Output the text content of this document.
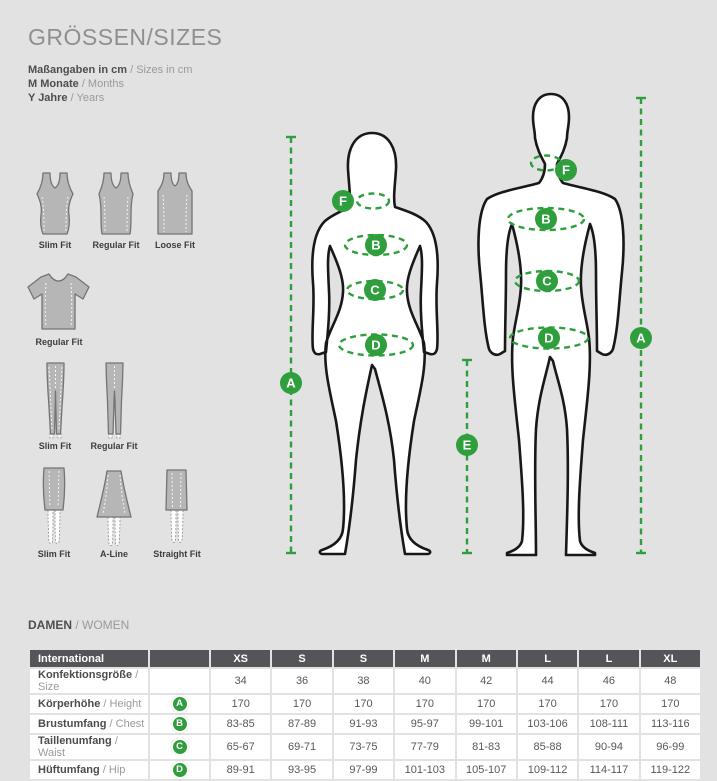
GRÖSSEN/SIZES
Maßangaben in cm / Sizes in cm
M Monate / Months
Y Jahre / Years
Slim Fit	Regular Fit	Loose Fit
Regular Fit
Slim Fit	Regular Fit
Slim Fit	A-Line	Straight Fit
F
B
C
D
A
E
F
B
C
D	A
DAMEN / WOMEN
International		XS	S	S	M	M	L	L	XL
Konfektionsgröße / Size		34	36	38	40	42	44	46	48
Körperhöhe / Height	A	170	170	170	170	170	170	170	170
Brustumfang / Chest	B	83-85	87-89	91-93	95-97	99-101	103-106	108-111	113-116
Taillenumfang / Waist	C	65-67	69-71	73-75	77-79	81-83	85-88	90-94	96-99
Hüftumfang / Hip	D	89-91	93-95	97-99	101-103	105-107	109-112	114-117	119-122
